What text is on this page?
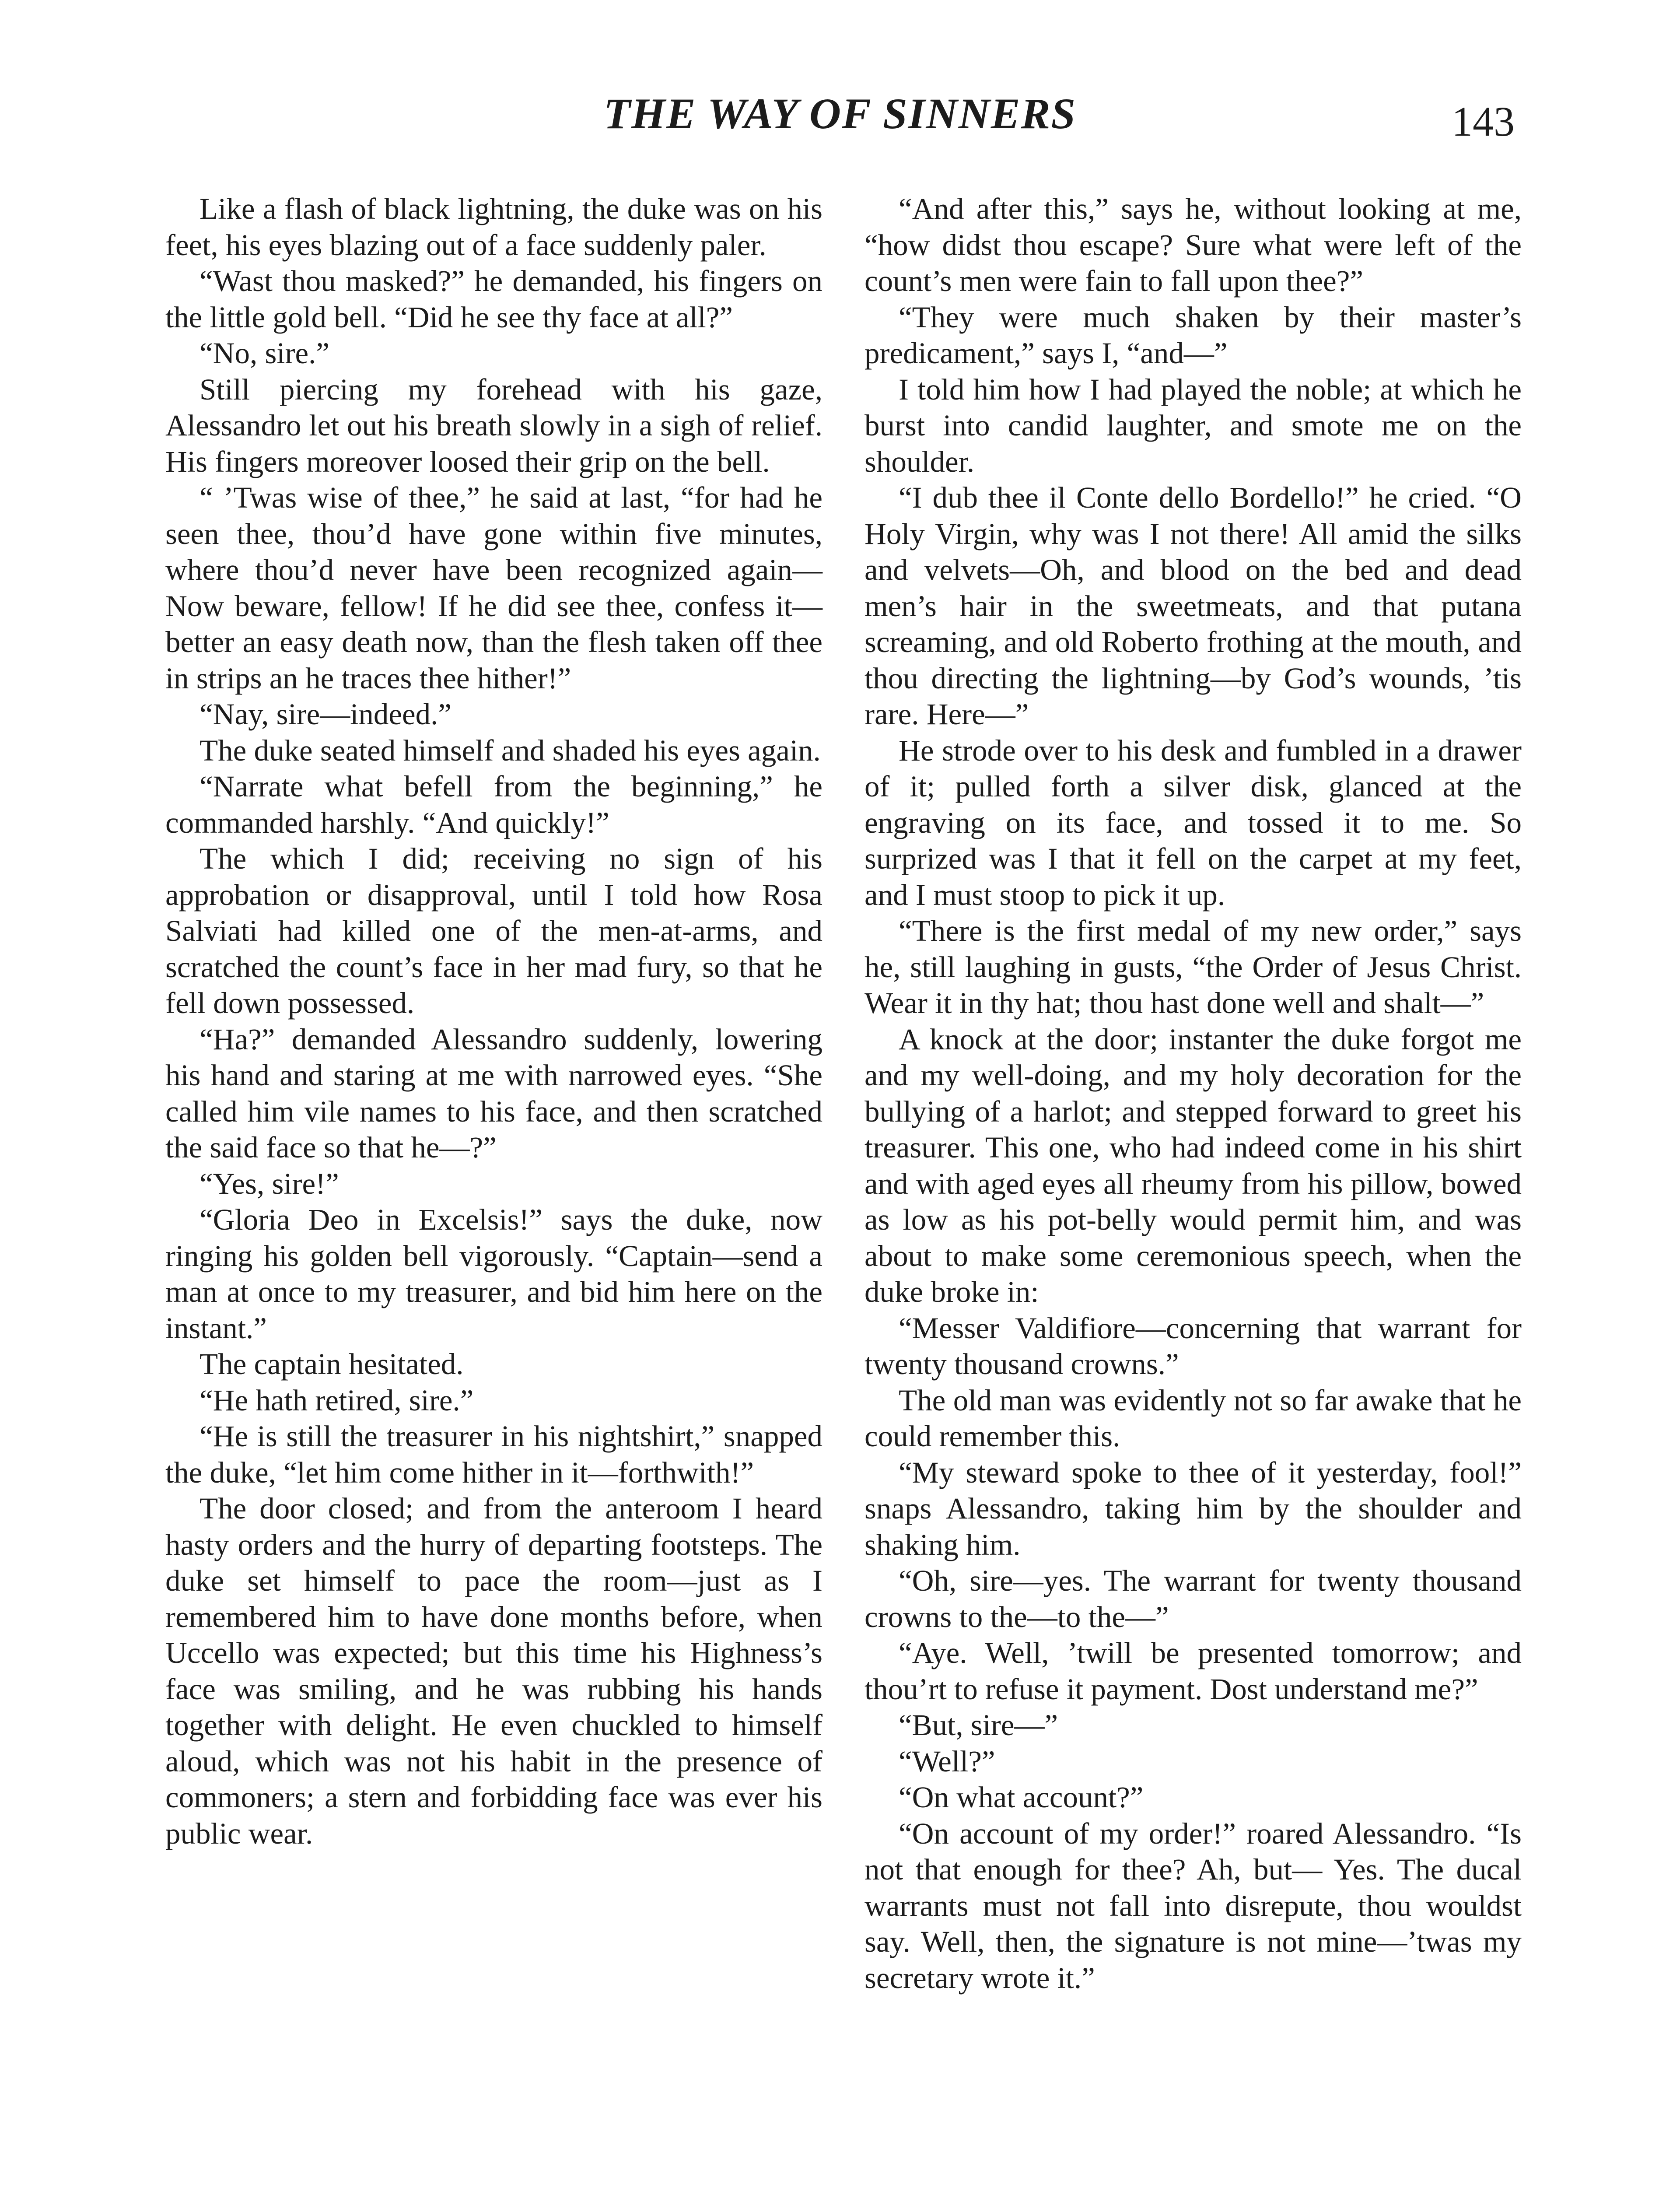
THE WAY OF SINNERS	143

Like a flash of black lightning, the duke was on his feet, his eyes blazing out of a face suddenly paler.

“Wast thou masked?” he demanded, his fingers on the little gold bell. “Did he see thy face at all?”

“No, sire.”

Still piercing my forehead with his gaze, Alessandro let out his breath slowly in a sigh of relief. His fingers moreover loosed their grip on the bell.

“ ’Twas wise of thee,” he said at last, “for had he seen thee, thou’d have gone within five minutes, where thou’d never have been recognized again— Now beware, fellow! If he did see thee, confess it—better an easy death now, than the flesh taken off thee in strips an he traces thee hither!”

“Nay, sire—indeed.”

The duke seated himself and shaded his eyes again.

“Narrate what befell from the beginning,” he commanded harshly. “And quickly!”

The which I did; receiving no sign of his approbation or disapproval, until I told how Rosa Salviati had killed one of the men-at-arms, and scratched the count’s face in her mad fury, so that he fell down possessed.

“Ha?” demanded Alessandro suddenly, lowering his hand and staring at me with narrowed eyes. “She called him vile names to his face, and then scratched the said face so that he—?”

“Yes, sire!”

“Gloria Deo in Excelsis!” says the duke, now ringing his golden bell vigorously. “Captain—send a man at once to my treasurer, and bid him here on the instant.”

The captain hesitated.

“He hath retired, sire.”

“He is still the treasurer in his nightshirt,” snapped the duke, “let him come hither in it—forthwith!”

The door closed; and from the anteroom I heard hasty orders and the hurry of departing footsteps. The duke set himself to pace the room—just as I remembered him to have done months before, when Uccello was expected; but this time his Highness’s face was smiling, and he was rubbing his hands together with delight. He even chuckled to himself aloud, which was not his habit in the presence of commoners; a stern and forbidding face was ever his public wear.

“And after this,” says he, without looking at me, “how didst thou escape? Sure what were left of the count’s men were fain to fall upon thee?”

“They were much shaken by their master’s predicament,” says I, “and—”

I told him how I had played the noble; at which he burst into candid laughter, and smote me on the shoulder.

“I dub thee il Conte dello Bordello!” he cried. “O Holy Virgin, why was I not there! All amid the silks and velvets—Oh, and blood on the bed and dead men’s hair in the sweetmeats, and that putana screaming, and old Roberto frothing at the mouth, and thou directing the lightning—by God’s wounds, ’tis rare. Here—”

He strode over to his desk and fumbled in a drawer of it; pulled forth a silver disk, glanced at the engraving on its face, and tossed it to me. So surprized was I that it fell on the carpet at my feet, and I must stoop to pick it up.

“There is the first medal of my new order,” says he, still laughing in gusts, “the Order of Jesus Christ. Wear it in thy hat; thou hast done well and shalt—”

A knock at the door; instanter the duke forgot me and my well-doing, and my holy decoration for the bullying of a harlot; and stepped forward to greet his treasurer. This one, who had indeed come in his shirt and with aged eyes all rheumy from his pillow, bowed as low as his pot-belly would permit him, and was about to make some ceremonious speech, when the duke broke in:

“Messer Valdifiore—concerning that warrant for twenty thousand crowns.”

The old man was evidently not so far awake that he could remember this.

“My steward spoke to thee of it yesterday, fool!” snaps Alessandro, taking him by the shoulder and shaking him.

“Oh, sire—yes. The warrant for twenty thousand crowns to the—to the—”

“Aye. Well, ’twill be presented tomorrow; and thou’rt to refuse it payment. Dost understand me?”

“But, sire—”

“Well?”

“On what account?”

“On account of my order!” roared Alessandro. “Is not that enough for thee? Ah, but— Yes. The ducal warrants must not fall into disrepute, thou wouldst say. Well, then, the signature is not mine—’twas my secretary wrote it.”
